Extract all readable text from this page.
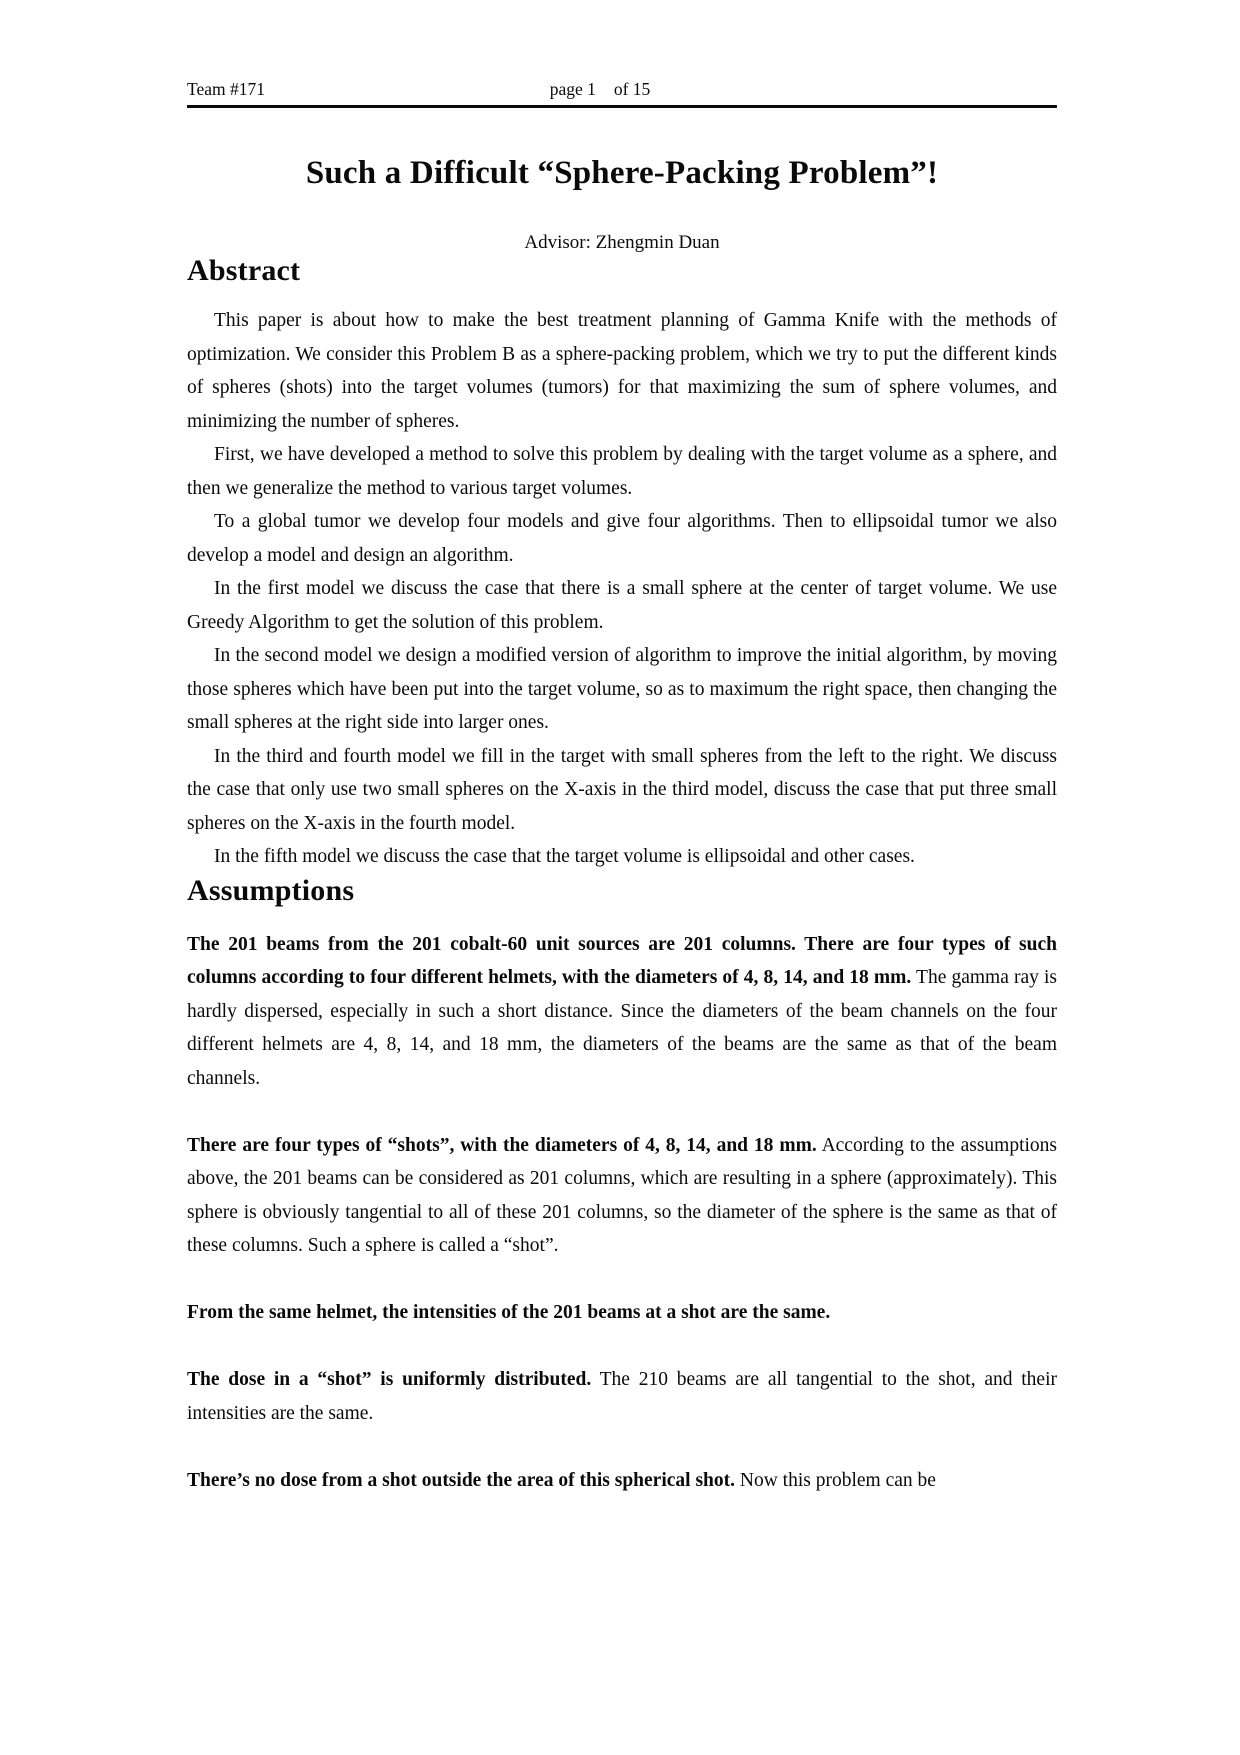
Team #171	page 1 of 15
Such a Difficult “Sphere-Packing Problem”!

Advisor: Zhengmin Duan

Abstract

This paper is about how to make the best treatment planning of Gamma Knife with the methods of optimization. We consider this Problem B as a sphere-packing problem, which we try to put the different kinds of spheres (shots) into the target volumes (tumors) for that maximizing the sum of sphere volumes, and minimizing the number of spheres.

First, we have developed a method to solve this problem by dealing with the target volume as a sphere, and then we generalize the method to various target volumes.

To a global tumor we develop four models and give four algorithms. Then to ellipsoidal tumor we also develop a model and design an algorithm.

In the first model we discuss the case that there is a small sphere at the center of target volume. We use Greedy Algorithm to get the solution of this problem.

In the second model we design a modified version of algorithm to improve the initial algorithm, by moving those spheres which have been put into the target volume, so as to maximum the right space, then changing the small spheres at the right side into larger ones.

In the third and fourth model we fill in the target with small spheres from the left to the right. We discuss the case that only use two small spheres on the X-axis in the third model, discuss the case that put three small spheres on the X-axis in the fourth model.

In the fifth model we discuss the case that the target volume is ellipsoidal and other cases.

Assumptions

The 201 beams from the 201 cobalt-60 unit sources are 201 columns. There are four types of such columns according to four different helmets, with the diameters of 4, 8, 14, and 18 mm. The gamma ray is hardly dispersed, especially in such a short distance. Since the diameters of the beam channels on the four different helmets are 4, 8, 14, and 18 mm, the diameters of the beams are the same as that of the beam channels.

There are four types of “shots”, with the diameters of 4, 8, 14, and 18 mm. According to the assumptions above, the 201 beams can be considered as 201 columns, which are resulting in a sphere (approximately). This sphere is obviously tangential to all of these 201 columns, so the diameter of the sphere is the same as that of these columns. Such a sphere is called a “shot”.

From the same helmet, the intensities of the 201 beams at a shot are the same.

The dose in a “shot” is uniformly distributed. The 210 beams are all tangential to the shot, and their intensities are the same.

There’s no dose from a shot outside the area of this spherical shot. Now this problem can be
